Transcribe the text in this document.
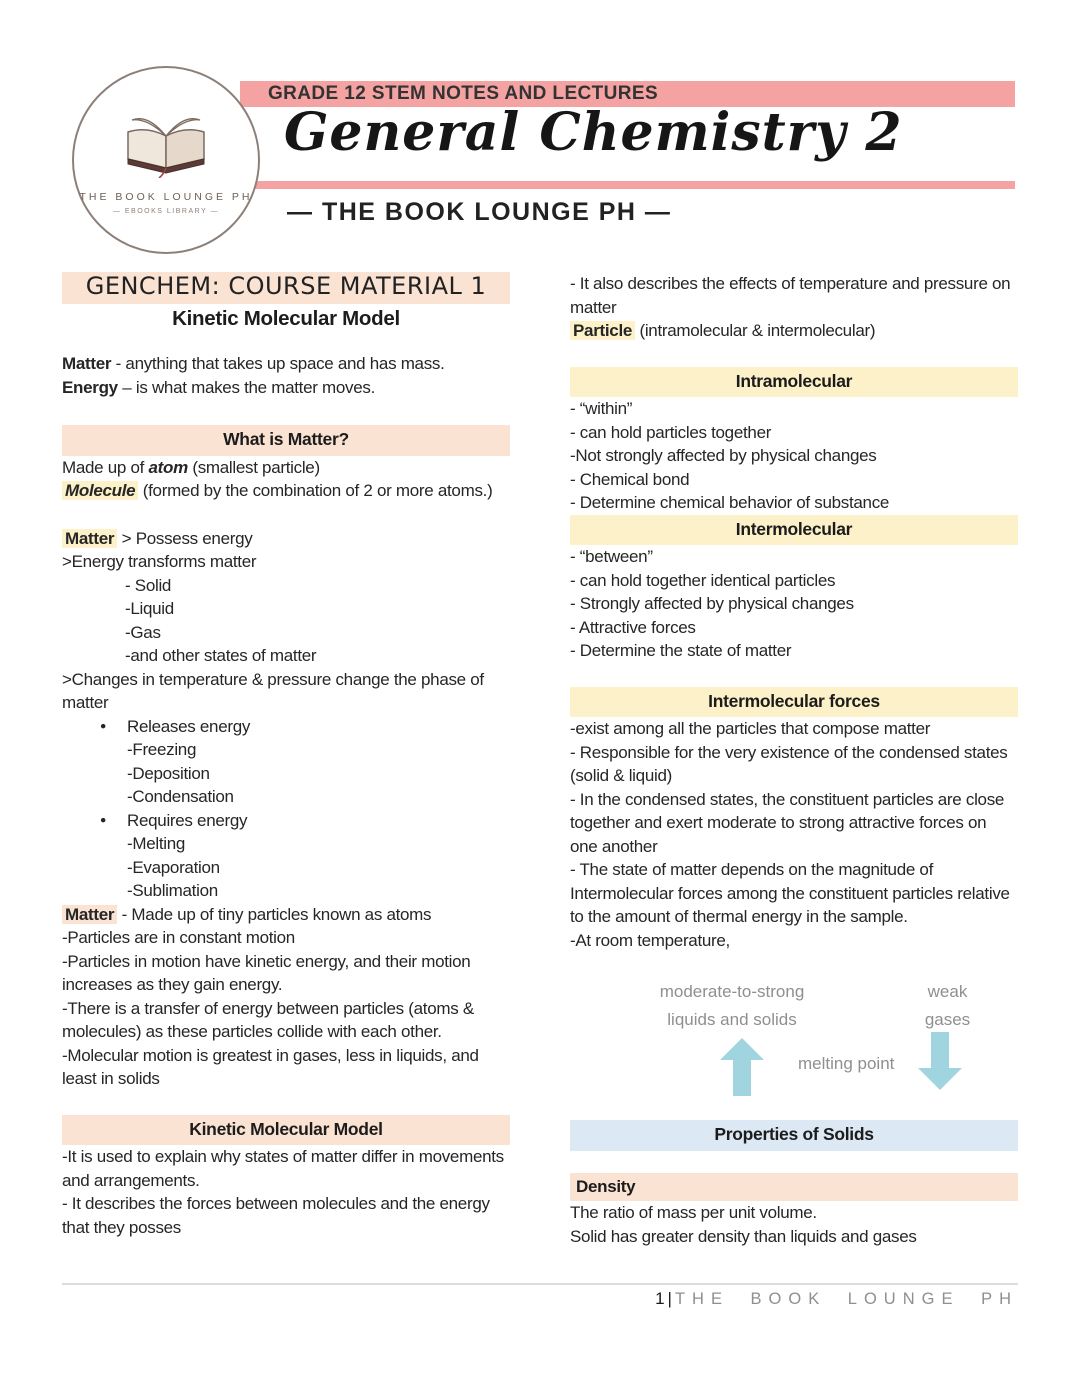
GRADE 12 STEM NOTES AND LECTURES
General Chemistry 2
— THE BOOK LOUNGE PH —
THE BOOK LOUNGE PH
— EBOOKS LIBRARY —
GENCHEM: COURSE MATERIAL 1
Kinetic Molecular Model
Matter - anything that takes up space and has mass.
Energy – is what makes the matter moves.
What is Matter?
Made up of atom (smallest particle)
Molecule (formed by the combination of 2 or more atoms.)
Matter > Possess energy
>Energy transforms matter
- Solid
-Liquid
-Gas
-and other states of matter
>Changes in temperature & pressure change the phase of matter
● Releases energy
-Freezing
-Deposition
-Condensation
● Requires energy
-Melting
-Evaporation
-Sublimation
Matter - Made up of tiny particles known as atoms
-Particles are in constant motion
-Particles in motion have kinetic energy, and their motion increases as they gain energy.
-There is a transfer of energy between particles (atoms & molecules) as these particles collide with each other.
-Molecular motion is greatest in gases, less in liquids, and least in solids
Kinetic Molecular Model
-It is used to explain why states of matter differ in movements and arrangements.
- It describes the forces between molecules and the energy that they posses
- It also describes the effects of temperature and pressure on matter
Particle (intramolecular & intermolecular)
Intramolecular
- “within”
- can hold particles together
-Not strongly affected by physical changes
- Chemical bond
- Determine chemical behavior of substance
Intermolecular
- “between”
- can hold together identical particles
- Strongly affected by physical changes
- Attractive forces
- Determine the state of matter
Intermolecular forces
-exist among all the particles that compose matter
- Responsible for the very existence of the condensed states (solid & liquid)
- In the condensed states, the constituent particles are close together and exert moderate to strong attractive forces on one another
- The state of matter depends on the magnitude of Intermolecular forces among the constituent particles relative to the amount of thermal energy in the sample.
-At room temperature,
moderate-to-strong
liquids and solids
weak
gases
melting point
Properties of Solids
Density
The ratio of mass per unit volume.
Solid has greater density than liquids and gases
1 | THE BOOK LOUNGE PH
